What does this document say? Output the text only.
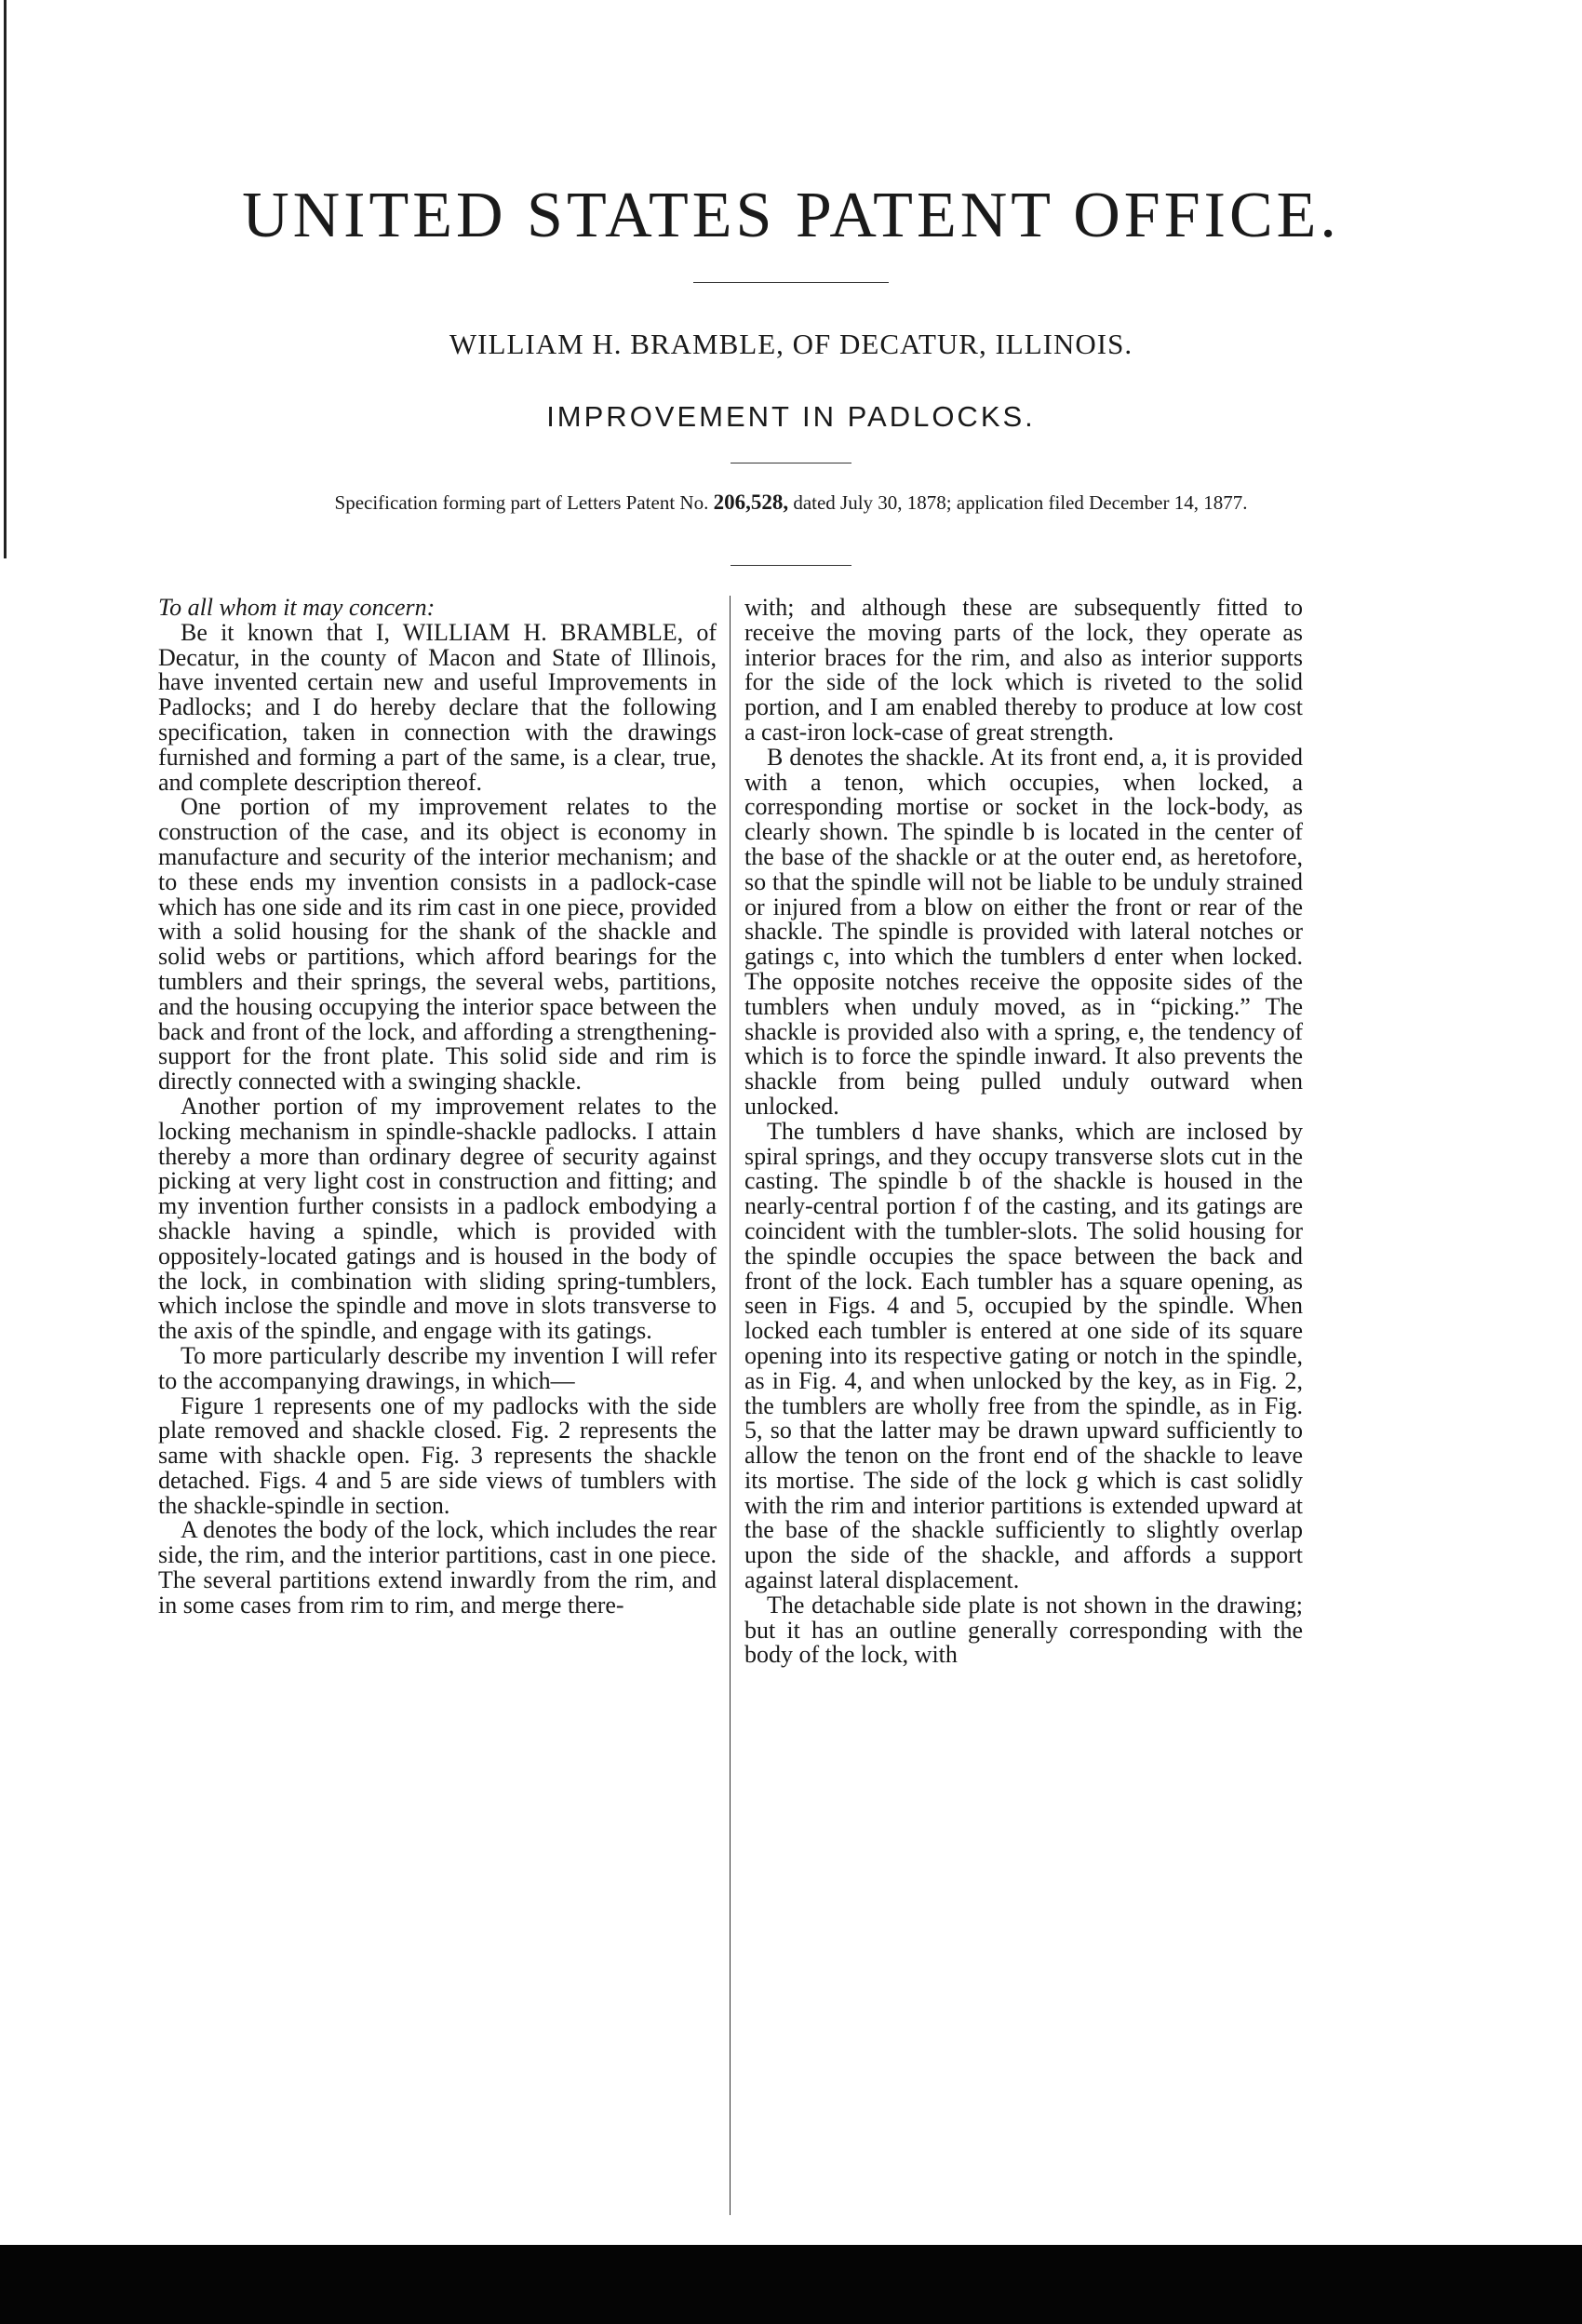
UNITED STATES PATENT OFFICE.
WILLIAM H. BRAMBLE, OF DECATUR, ILLINOIS.
IMPROVEMENT IN PADLOCKS.
Specification forming part of Letters Patent No. 206,528, dated July 30, 1878; application filed December 14, 1877.

To all whom it may concern:

Be it known that I, WILLIAM H. BRAMBLE, of Decatur, in the county of Macon and State of Illinois, have invented certain new and useful Improvements in Padlocks; and I do hereby declare that the following specification, taken in connection with the drawings furnished and forming a part of the same, is a clear, true, and complete description thereof.

One portion of my improvement relates to the construction of the case, and its object is economy in manufacture and security of the interior mechanism; and to these ends my invention consists in a padlock-case which has one side and its rim cast in one piece, provided with a solid housing for the shank of the shackle and solid webs or partitions, which afford bearings for the tumblers and their springs, the several webs, partitions, and the housing occupying the interior space between the back and front of the lock, and affording a strengthening-support for the front plate. This solid side and rim is directly connected with a swinging shackle.

Another portion of my improvement relates to the locking mechanism in spindle-shackle padlocks. I attain thereby a more than ordinary degree of security against picking at very light cost in construction and fitting; and my invention further consists in a padlock embodying a shackle having a spindle, which is provided with oppositely-located gatings and is housed in the body of the lock, in combination with sliding spring-tumblers, which inclose the spindle and move in slots transverse to the axis of the spindle, and engage with its gatings.

To more particularly describe my invention I will refer to the accompanying drawings, in which—

Figure 1 represents one of my padlocks with the side plate removed and shackle closed. Fig. 2 represents the same with shackle open. Fig. 3 represents the shackle detached. Figs. 4 and 5 are side views of tumblers with the shackle-spindle in section.

A denotes the body of the lock, which includes the rear side, the rim, and the interior partitions, cast in one piece. The several partitions extend inwardly from the rim, and in some cases from rim to rim, and merge there-

with; and although these are subsequently fitted to receive the moving parts of the lock, they operate as interior braces for the rim, and also as interior supports for the side of the lock which is riveted to the solid portion, and I am enabled thereby to produce at low cost a cast-iron lock-case of great strength.

B denotes the shackle. At its front end, a, it is provided with a tenon, which occupies, when locked, a corresponding mortise or socket in the lock-body, as clearly shown. The spindle b is located in the center of the base of the shackle or at the outer end, as heretofore, so that the spindle will not be liable to be unduly strained or injured from a blow on either the front or rear of the shackle. The spindle is provided with lateral notches or gatings c, into which the tumblers d enter when locked. The opposite notches receive the opposite sides of the tumblers when unduly moved, as in “picking.” The shackle is provided also with a spring, e, the tendency of which is to force the spindle inward. It also prevents the shackle from being pulled unduly outward when unlocked.

The tumblers d have shanks, which are inclosed by spiral springs, and they occupy transverse slots cut in the casting. The spindle b of the shackle is housed in the nearly-central portion f of the casting, and its gatings are coincident with the tumbler-slots. The solid housing for the spindle occupies the space between the back and front of the lock. Each tumbler has a square opening, as seen in Figs. 4 and 5, occupied by the spindle. When locked each tumbler is entered at one side of its square opening into its respective gating or notch in the spindle, as in Fig. 4, and when unlocked by the key, as in Fig. 2, the tumblers are wholly free from the spindle, as in Fig. 5, so that the latter may be drawn upward sufficiently to allow the tenon on the front end of the shackle to leave its mortise. The side of the lock g which is cast solidly with the rim and interior partitions is extended upward at the base of the shackle sufficiently to slightly overlap upon the side of the shackle, and affords a support against lateral displacement.

The detachable side plate is not shown in the drawing; but it has an outline generally corresponding with the body of the lock, with
